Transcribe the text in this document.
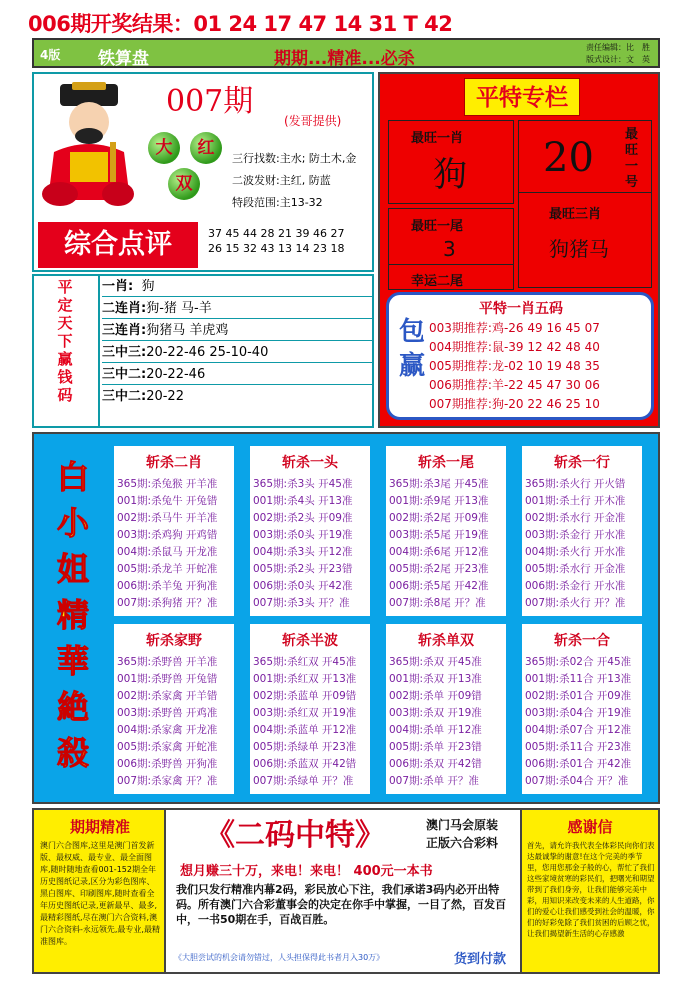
006期开奖结果：01 24 17 47 14 31 T 42
4版 铁算盘	期期...精准...必杀
责任编辑：比　胜
版式设计：文　英
007期
(发哥提供)
大	红
双
三行找数:主水; 防土木,金
二波发财:主红, 防蓝
特段范围:主13-32
综合点评	37 45 44 28 21 39 46 27
26 15 32 43 13 14 23 18
平特专栏
最旺一肖
狗 20
最旺一号
最旺一尾
3
最旺三肖
狗猪马
幸运二尾
平特一肖五码
包赢
003期推荐:鸡-26 49 16 45 07
004期推荐:鼠-39 12 42 48 40
005期推荐:龙-02 10 19 48 35
006期推荐:羊-22 45 47 30 06
007期推荐:狗-20 22 46 25 10
平定天下赢钱码
一肖: 狗
二连肖:狗-猪 马-羊
三连肖:狗猪马 羊虎鸡
三中三:20-22-46 25-10-40
三中二:20-22-46
三中二:20-22
白小姐精華絶殺
斩杀二肖
365期:杀兔猴 开羊准
001期:杀兔牛 开兔错
002期:杀马牛 开羊准
003期:杀鸡狗 开鸡错
004期:杀鼠马 开龙准
005期:杀龙羊 开蛇准
006期:杀羊兔 开狗准
007期:杀狗猪 开？准
斩杀一头
365期:杀3头 开45准
001期:杀4头 开13准
002期:杀2头 开09准
003期:杀0头 开19准
004期:杀3头 开12准
005期:杀2头 开23错
006期:杀0头 开42准
007期:杀3头 开？准
斩杀一尾
365期:杀3尾 开45准
001期:杀9尾 开13准
002期:杀2尾 开09准
003期:杀5尾 开19准
004期:杀6尾 开12准
005期:杀2尾 开23准
006期:杀5尾 开42准
007期:杀8尾 开？准
斩杀一行
365期:杀火行 开火错
001期:杀土行 开木准
002期:杀水行 开金准
003期:杀金行 开水准
004期:杀火行 开水准
005期:杀水行 开金准
006期:杀金行 开水准
007期:杀火行 开？准
斩杀家野
365期:杀野兽 开羊准
001期:杀野兽 开兔错
002期:杀家禽 开羊错
003期:杀野兽 开鸡准
004期:杀家禽 开龙准
005期:杀家禽 开蛇准
006期:杀野兽 开狗准
007期:杀家禽 开？准
斩杀半波
365期:杀红双 开45准
001期:杀红双 开13准
002期:杀蓝单 开09错
003期:杀红双 开19准
004期:杀蓝单 开12准
005期:杀绿单 开23准
006期:杀蓝双 开42错
007期:杀绿单 开？准
斩杀单双
365期:杀双 开45准
001期:杀双 开13准
002期:杀单 开09错
003期:杀双 开19准
004期:杀单 开12准
005期:杀单 开23错
006期:杀双 开42错
007期:杀单 开？准
斩杀一合
365期:杀02合 开45准
001期:杀11合 开13准
002期:杀01合 开09准
003期:杀04合 开19准
004期:杀07合 开12准
005期:杀11合 开23准
006期:杀01合 开42准
007期:杀04合 开？准
期期精准
澳门六合图库,这里是澳门首发新版、最权威、最专业、最全面图库,随时随地查看001-152期全年历史图纸记录,区分为彩色图库、黑白图库、印刷图库,随时查看全年历史图纸记录,更新最早、最多,最精彩图纸,尽在澳门六合资料,澳门六合资料-永远领先,最专业,最精准图库。
《二码中特》	澳门马会原装
正版六合彩料
想月赚三十万，来电！来电！ 400元一本书
我们只发行精准内幕2码，彩民放心下注，我们承诺3码内必开出特码。所有澳门六合彩董事会的决定在你手中掌握，一目了然，百发百中，一书50期在手，百战百胜。
《大胆尝试的机会请勿错过，人头担保得此书者月入30万》	货到付款
感谢信
首先，请允许我代表全体彩民向你们表达最诚挚的谢意!在这个完美的季节里，您用您那金子般的心，帮忙了我们这些家境贫寒的彩民们，把曙光和期望带到了我们身旁，让我们能够完美中彩，用知识来改变未来的人生道路，你们的爱心让我们感受到社会的温暖，你们的好彩免除了我们贫困的后顾之忧，让我们揭望新生活的心存感激
